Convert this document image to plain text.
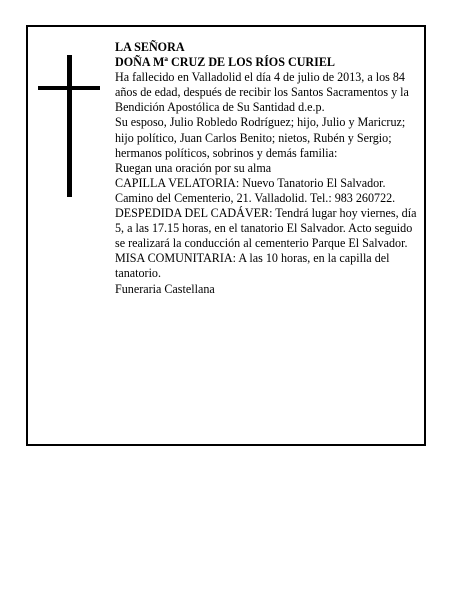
LA SEÑORA

DOÑA Mª CRUZ DE LOS RÍOS CURIEL

Ha fallecido en Valladolid el día 4 de julio de 2013, a los 84 años de edad, después de recibir los Santos Sacramentos y la Bendición Apostólica de Su Santidad d.e.p.

Su esposo, Julio Robledo Rodríguez; hijo, Julio y Maricruz; hijo político, Juan Carlos Benito; nietos, Rubén y Sergio; hermanos políticos, sobrinos y demás familia:

Ruegan una oración por su alma

CAPILLA VELATORIA: Nuevo Tanatorio El Salvador. Camino del Cementerio, 21. Valladolid. Tel.: 983 260722.

DESPEDIDA DEL CADÁVER: Tendrá lugar hoy viernes, día 5, a las 17.15 horas, en el tanatorio El Salvador. Acto seguido se realizará la conducción al cementerio Parque El Salvador.

MISA COMUNITARIA: A las 10 horas, en la capilla del tanatorio.

Funeraria Castellana
